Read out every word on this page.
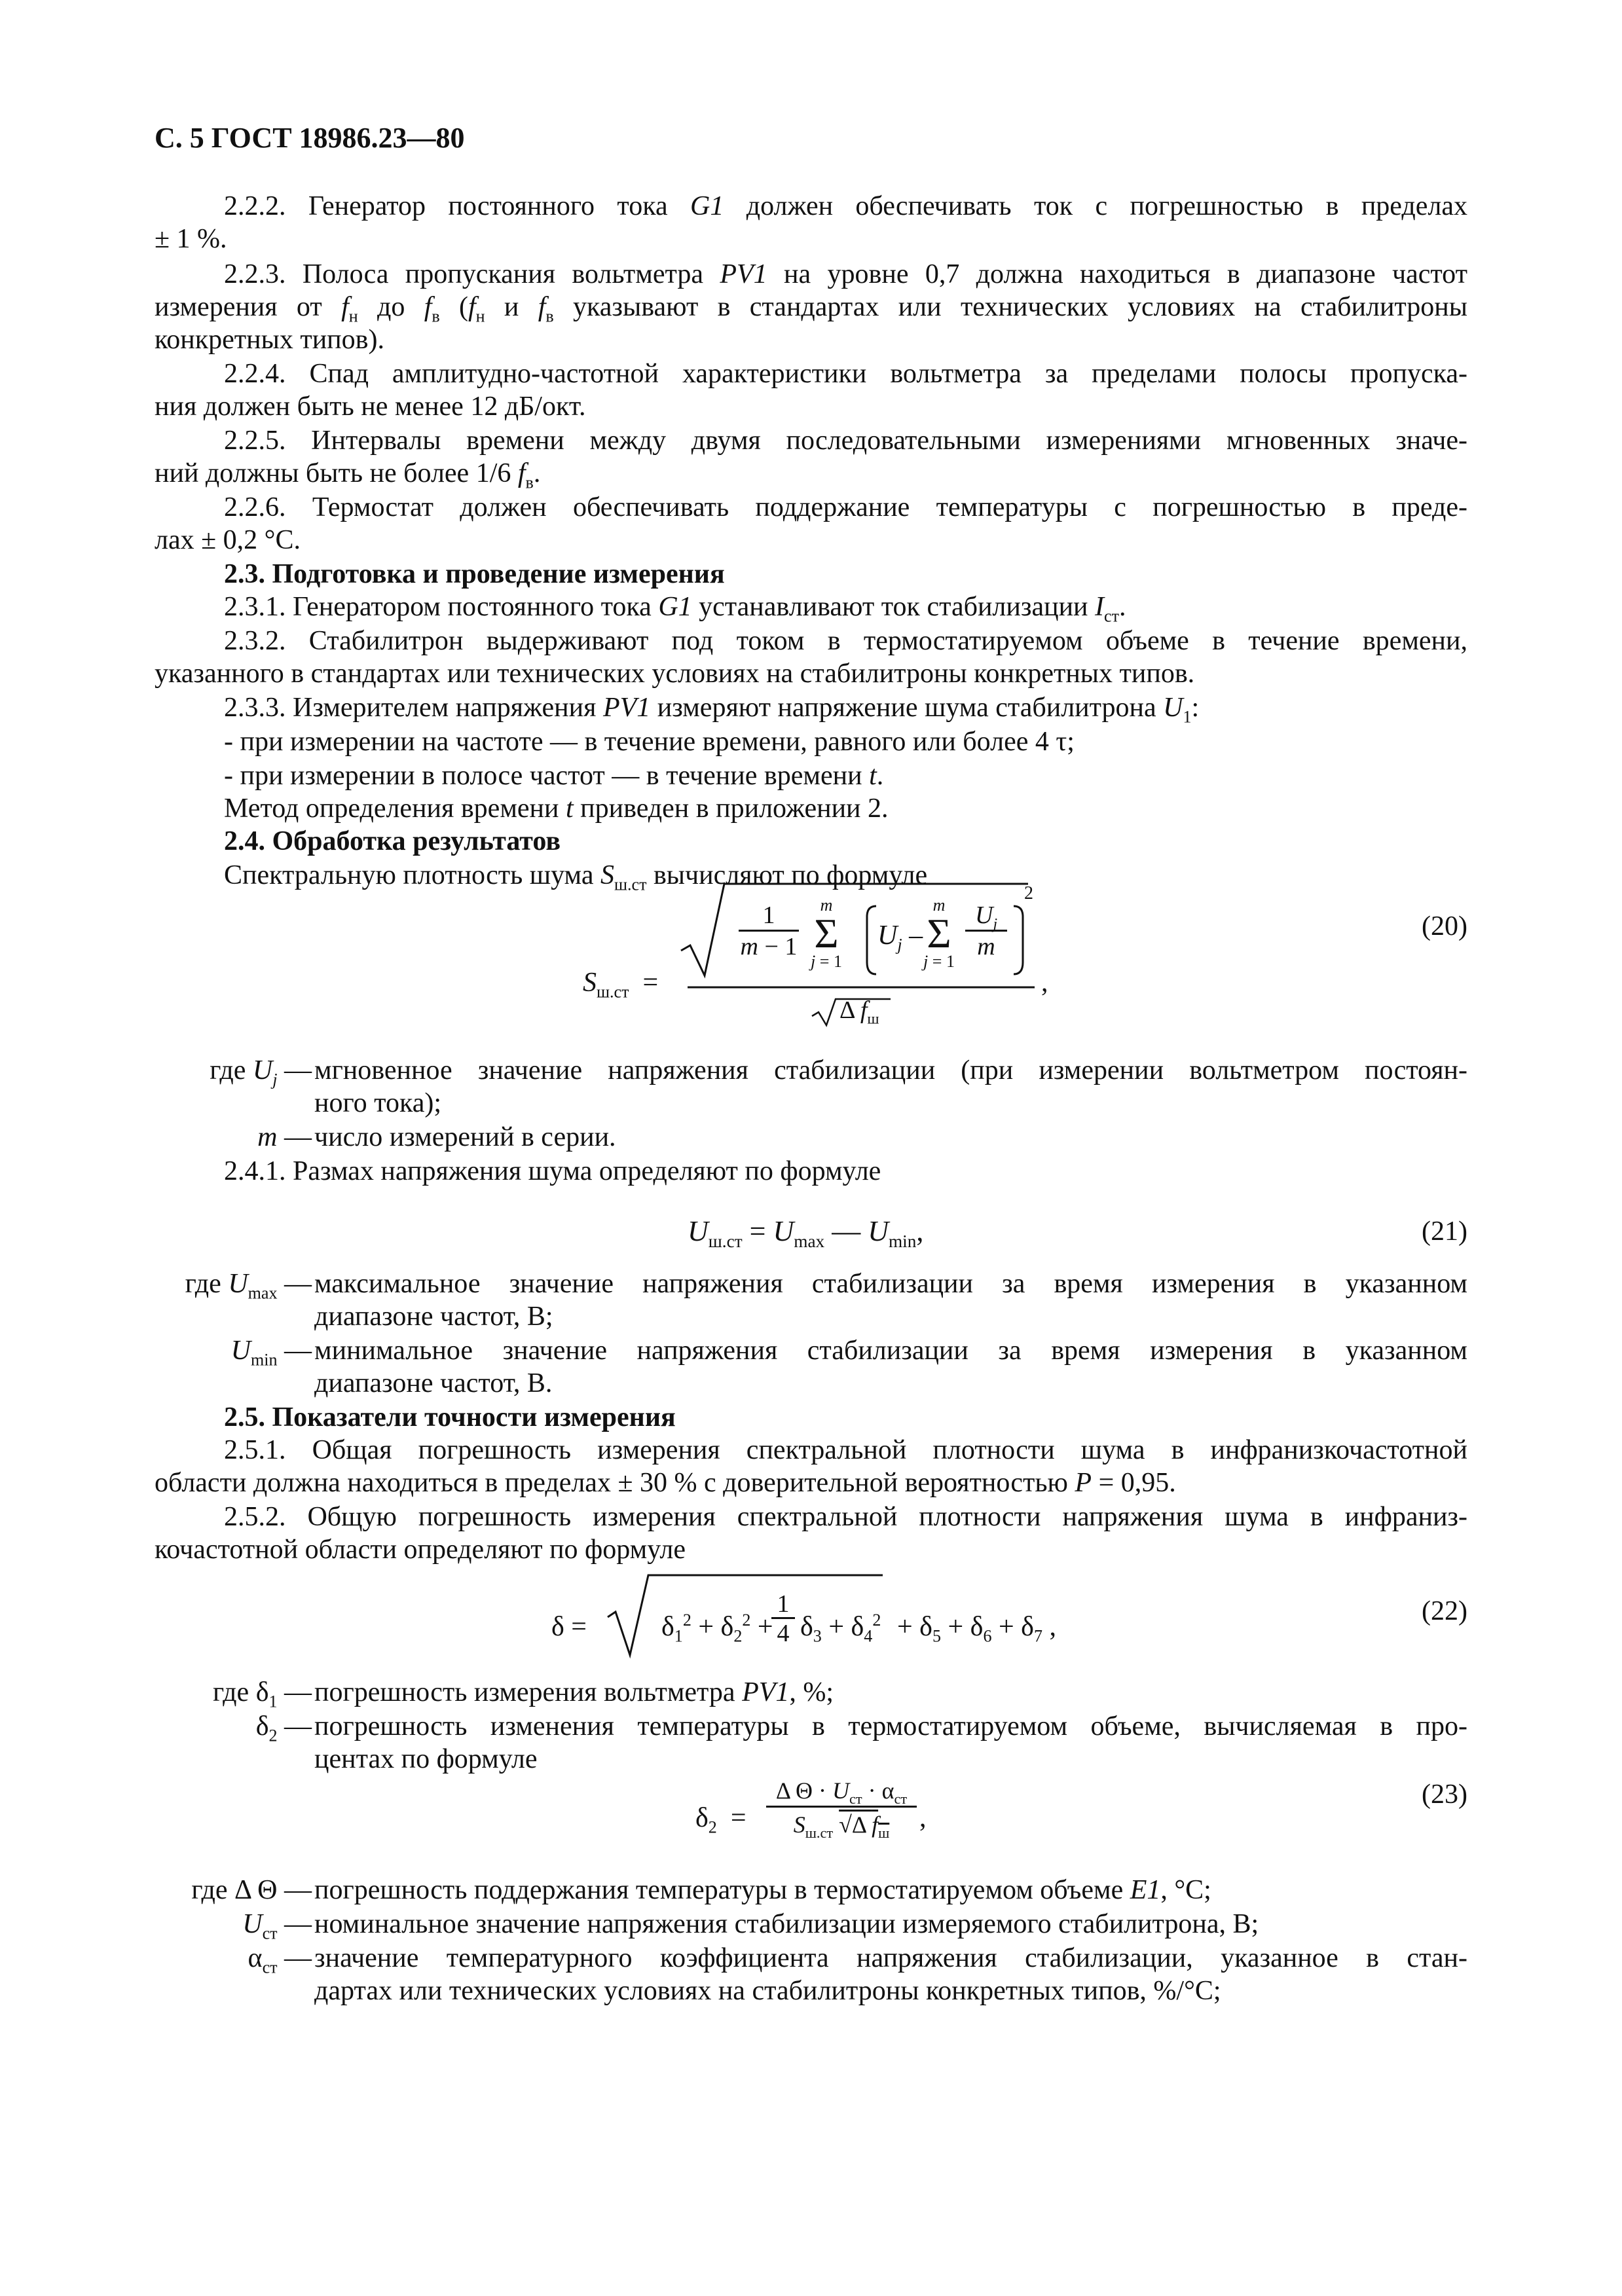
С. 5 ГОСТ 18986.23—80
2.2.2. Генератор постоянного тока G1 должен обеспечивать ток с погрешностью в пределах
± 1 %.
2.2.3. Полоса пропускания вольтметра PV1 на уровне 0,7 должна находиться в диапазоне частот
измерения от $f_н$ до $f_в$ ($f_н$ и $f_в$ указывают в стандартах или технических условиях на стабилитроны
конкретных типов).
2.2.4. Спад амплитудно-частотной характеристики вольтметра за пределами полосы пропуска-
ния должен быть не менее 12 дБ/окт.
2.2.5. Интервалы времени между двумя последовательными измерениями мгновенных значе-
ний должны быть не более 1/6 $f_в$.
2.2.6. Термостат должен обеспечивать поддержание температуры с погрешностью в преде-
лах ± 0,2 °С.
2.3. Подготовка и проведение измерения
2.3.1. Генератором постоянного тока G1 устанавливают ток стабилизации $I_{ст}$.
2.3.2. Стабилитрон выдерживают под током в термостатируемом объеме в течение времени,
указанного в стандартах или технических условиях на стабилитроны конкретных типов.
2.3.3. Измерителем напряжения PV1 измеряют напряжение шума стабилитрона $U_1$:
- при измерении на частоте — в течение времени, равного или более 4 τ;
- при измерении в полосе частот — в течение времени t.
Метод определения времени t приведен в приложении 2.
2.4. Обработка результатов
Спектральную плотность шума $S_{ш.ст}$ вычисляют по формуле
(20)
$S_{ш.ст}$  =
1
m − 1
m
Σ
j = 1
$U_j$ –
m
Σ
j = 1
$U_j$
m
2
Δ $f_ш$
,
где $U_j$ — мгновенное значение напряжения стабилизации (при измерении вольтметром постоян-
ного тока);
m — число измерений в серии.
2.4.1. Размах напряжения шума определяют по формуле
$U_{ш.ст} = U_{max}$ — $U_{min}$,	(21)
где $U_{max}$ — максимальное значение напряжения стабилизации за время измерения в указанном
диапазоне частот, В;
$U_{min}$ — минимальное значение напряжения стабилизации за время измерения в указанном
диапазоне частот, В.
2.5. Показатели точности измерения
2.5.1. Общая погрешность измерения спектральной плотности шума в инфранизкочастотной
области должна находиться в пределах ± 30 % с доверительной вероятностью P = 0,95.
2.5.2. Общую погрешность измерения спектральной плотности напряжения шума в инфраниз-
кочастотной области определяют по формуле
δ =	$\delta_1^2 + \delta_2^2$ +
1
4 $\delta_3 + \delta_4^2 + \delta_5 + \delta_6 + \delta_7$ ,
(22)
где $\delta_1$ — погрешность измерения вольтметра PV1, %;
$\delta_2$ — погрешность изменения температуры в термостатируемом объеме, вычисляемая в про-
центах по формуле
$\delta_2$  =
Δ $\Theta \cdot U_{ст} \cdot \alpha_{ст}$
$S_{ш.ст}$ √Δ $f_ш$	,
(23)
где Δ Θ — погрешность поддержания температуры в термостатируемом объеме E1, °С;
$U_{ст}$ — номинальное значение напряжения стабилизации измеряемого стабилитрона, В;
$\alpha_{ст}$ — значение температурного коэффициента напряжения стабилизации, указанное в стан-
дартах или технических условиях на стабилитроны конкретных типов, %/°С;
